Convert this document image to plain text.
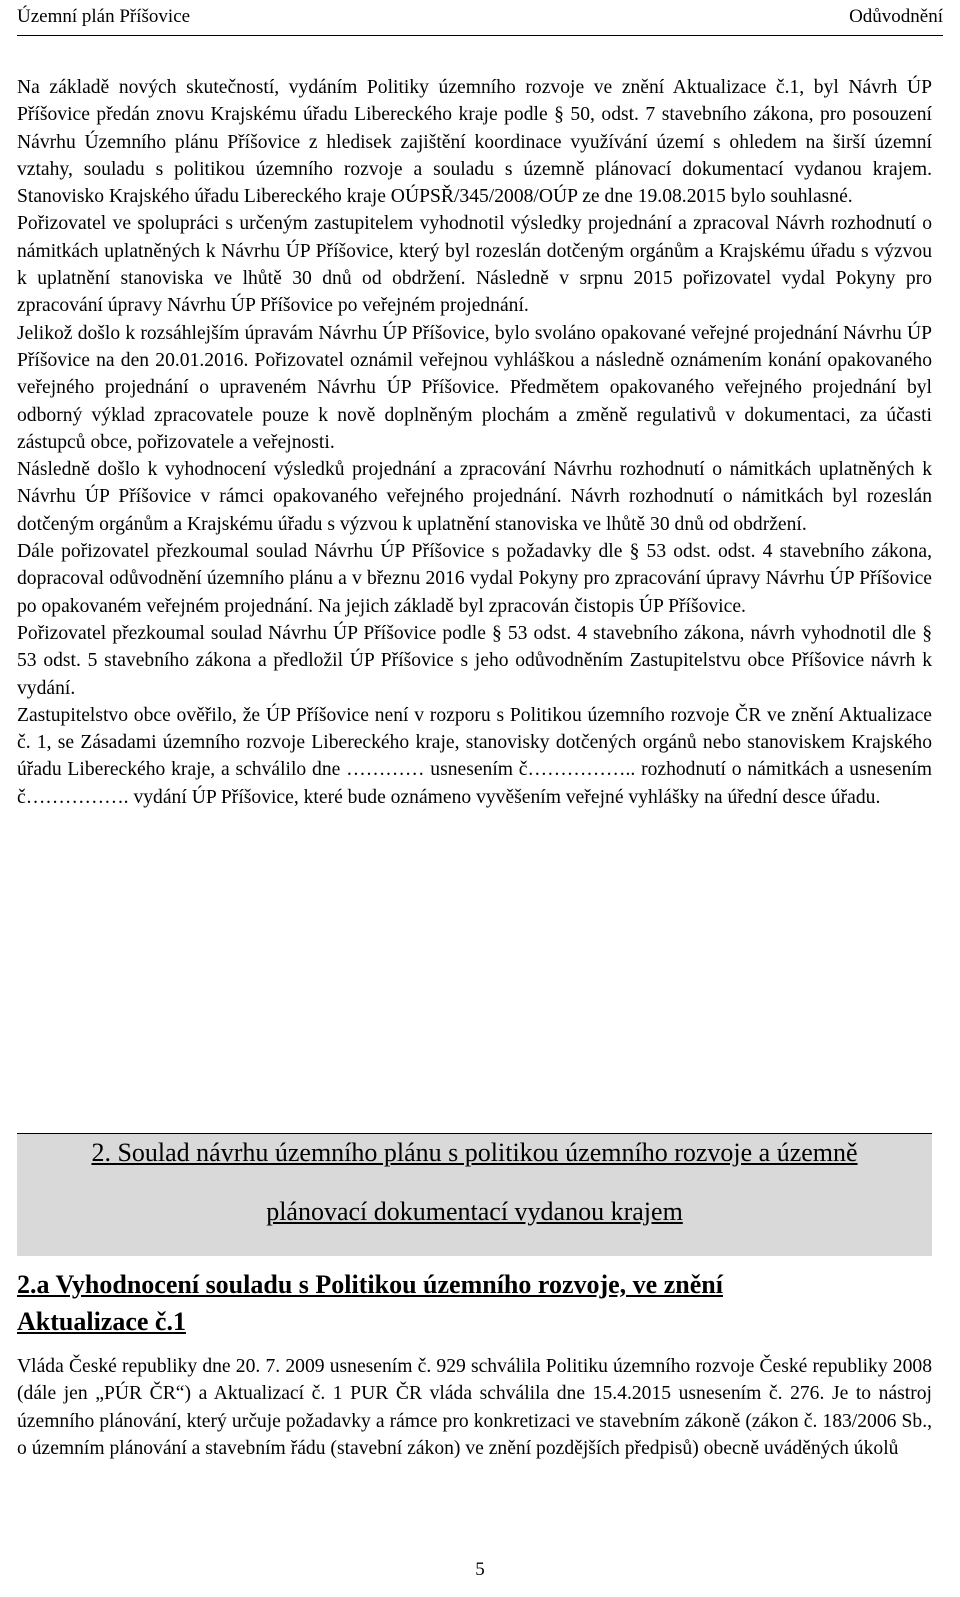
Územní plán Příšovice	Odůvodnění

Na základě nových skutečností, vydáním Politiky územního rozvoje ve znění Aktualizace č.1, byl Návrh ÚP Příšovice předán znovu Krajskému úřadu Libereckého kraje podle § 50, odst. 7 stavebního zákona, pro posouzení Návrhu Územního plánu Příšovice z hledisek zajištění koordinace využívání území s ohledem na širší územní vztahy, souladu s politikou územního rozvoje a souladu s územně plánovací dokumentací vydanou krajem. Stanovisko Krajského úřadu Libereckého kraje OÚPSŘ/345/2008/OÚP ze dne 19.08.2015 bylo souhlasné.

Pořizovatel ve spolupráci s určeným zastupitelem vyhodnotil výsledky projednání a zpracoval Návrh rozhodnutí o námitkách uplatněných k Návrhu ÚP Příšovice, který byl rozeslán dotčeným orgánům a Krajskému úřadu s výzvou k uplatnění stanoviska ve lhůtě 30 dnů od obdržení. Následně v srpnu 2015 pořizovatel vydal Pokyny pro zpracování úpravy Návrhu ÚP Příšovice po veřejném projednání.

Jelikož došlo k rozsáhlejším úpravám Návrhu ÚP Příšovice, bylo svoláno opakované veřejné projednání Návrhu ÚP Příšovice na den 20.01.2016. Pořizovatel oznámil veřejnou vyhláškou a následně oznámením konání opakovaného veřejného projednání o upraveném Návrhu ÚP Příšovice. Předmětem opakovaného veřejného projednání byl odborný výklad zpracovatele pouze k nově doplněným plochám a změně regulativů v dokumentaci, za účasti zástupců obce, pořizovatele a veřejnosti.

Následně došlo k vyhodnocení výsledků projednání a zpracování Návrhu rozhodnutí o námitkách uplatněných k Návrhu ÚP Příšovice v rámci opakovaného veřejného projednání. Návrh rozhodnutí o námitkách byl rozeslán dotčeným orgánům a Krajskému úřadu s výzvou k uplatnění stanoviska ve lhůtě 30 dnů od obdržení.

Dále pořizovatel přezkoumal soulad Návrhu ÚP Příšovice s požadavky dle § 53 odst. odst. 4 stavebního zákona, dopracoval odůvodnění územního plánu a v březnu 2016 vydal Pokyny pro zpracování úpravy Návrhu ÚP Příšovice po opakovaném veřejném projednání. Na jejich základě byl zpracován čistopis ÚP Příšovice.

Pořizovatel přezkoumal soulad Návrhu ÚP Příšovice podle § 53 odst. 4 stavebního zákona, návrh vyhodnotil dle § 53 odst. 5 stavebního zákona a předložil ÚP Příšovice s jeho odůvodněním Zastupitelstvu obce Příšovice návrh k vydání.

Zastupitelstvo obce ověřilo, že ÚP Příšovice není v rozporu s Politikou územního rozvoje ČR ve znění Aktualizace č. 1, se Zásadami územního rozvoje Libereckého kraje, stanovisky dotčených orgánů nebo stanoviskem Krajského úřadu Libereckého kraje, a schválilo dne ………… usnesením č…………….. rozhodnutí o námitkách a usnesením č……………. vydání ÚP Příšovice, které bude oznámeno vyvěšením veřejné vyhlášky na úřední desce úřadu.

2. Soulad návrhu územního plánu s politikou územního rozvoje a územně
plánovací dokumentací vydanou krajem
2.a Vyhodnocení souladu s Politikou územního rozvoje, ve znění Aktualizace č.1

Vláda České republiky dne 20. 7. 2009 usnesením č. 929 schválila Politiku územního rozvoje České republiky 2008 (dále jen „PÚR ČR“) a Aktualizací č. 1 PUR ČR vláda schválila dne 15.4.2015 usnesením č. 276. Je to nástroj územního plánování, který určuje požadavky a rámce pro konkretizaci ve stavebním zákoně (zákon č. 183/2006 Sb., o územním plánování a stavebním řádu (stavební zákon) ve znění pozdějších předpisů) obecně uváděných úkolů

5
